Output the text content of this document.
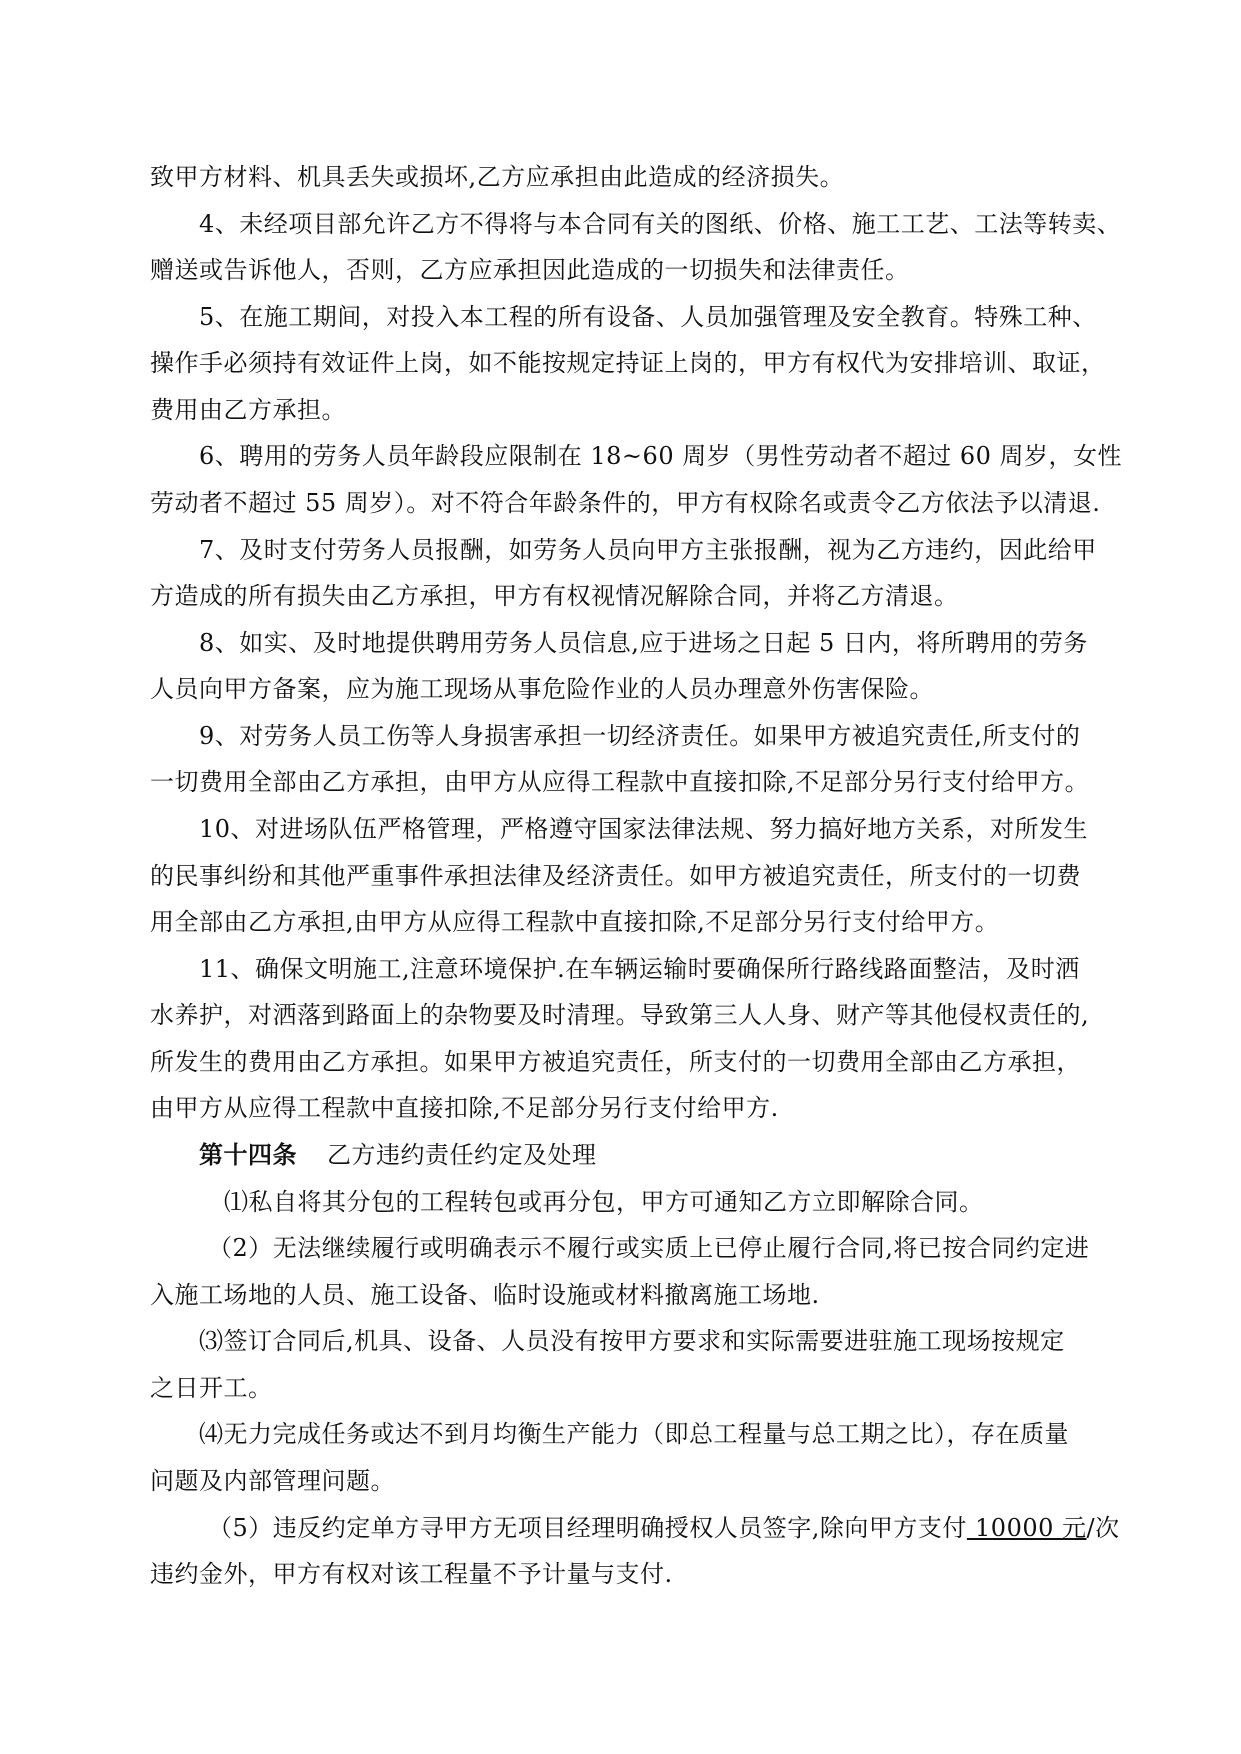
致甲方材料、机具丢失或损坏,乙方应承担由此造成的经济损失。
4、未经项目部允许乙方不得将与本合同有关的图纸、价格、施工工艺、工法等转卖、
赠送或告诉他人，否则，乙方应承担因此造成的一切损失和法律责任。
5、在施工期间，对投入本工程的所有设备、人员加强管理及安全教育。特殊工种、
操作手必须持有效证件上岗，如不能按规定持证上岗的，甲方有权代为安排培训、取证，
费用由乙方承担。
6、聘用的劳务人员年龄段应限制在 18~60 周岁（男性劳动者不超过 60 周岁，女性
劳动者不超过 55 周岁）。对不符合年龄条件的，甲方有权除名或责令乙方依法予以清退.
7、及时支付劳务人员报酬，如劳务人员向甲方主张报酬，视为乙方违约，因此给甲
方造成的所有损失由乙方承担，甲方有权视情况解除合同，并将乙方清退。
8、如实、及时地提供聘用劳务人员信息,应于进场之日起 5 日内，将所聘用的劳务
人员向甲方备案，应为施工现场从事危险作业的人员办理意外伤害保险。
9、对劳务人员工伤等人身损害承担一切经济责任。如果甲方被追究责任,所支付的
一切费用全部由乙方承担，由甲方从应得工程款中直接扣除,不足部分另行支付给甲方。
10、对进场队伍严格管理，严格遵守国家法律法规、努力搞好地方关系，对所发生
的民事纠纷和其他严重事件承担法律及经济责任。如甲方被追究责任，所支付的一切费
用全部由乙方承担,由甲方从应得工程款中直接扣除,不足部分另行支付给甲方。
11、确保文明施工,注意环境保护.在车辆运输时要确保所行路线路面整洁，及时洒
水养护，对洒落到路面上的杂物要及时清理。导致第三人人身、财产等其他侵权责任的,
所发生的费用由乙方承担。如果甲方被追究责任，所支付的一切费用全部由乙方承担，
由甲方从应得工程款中直接扣除,不足部分另行支付给甲方.
第十四条 乙方违约责任约定及处理
⑴私自将其分包的工程转包或再分包，甲方可通知乙方立即解除合同。
（2）无法继续履行或明确表示不履行或实质上已停止履行合同,将已按合同约定进
入施工场地的人员、施工设备、临时设施或材料撤离施工场地.
⑶签订合同后,机具、设备、人员没有按甲方要求和实际需要进驻施工现场按规定
之日开工。
⑷无力完成任务或达不到月均衡生产能力（即总工程量与总工期之比），存在质量
问题及内部管理问题。
（5）违反约定单方寻甲方无项目经理明确授权人员签字,除向甲方支付 10000 元/次
违约金外，甲方有权对该工程量不予计量与支付.
